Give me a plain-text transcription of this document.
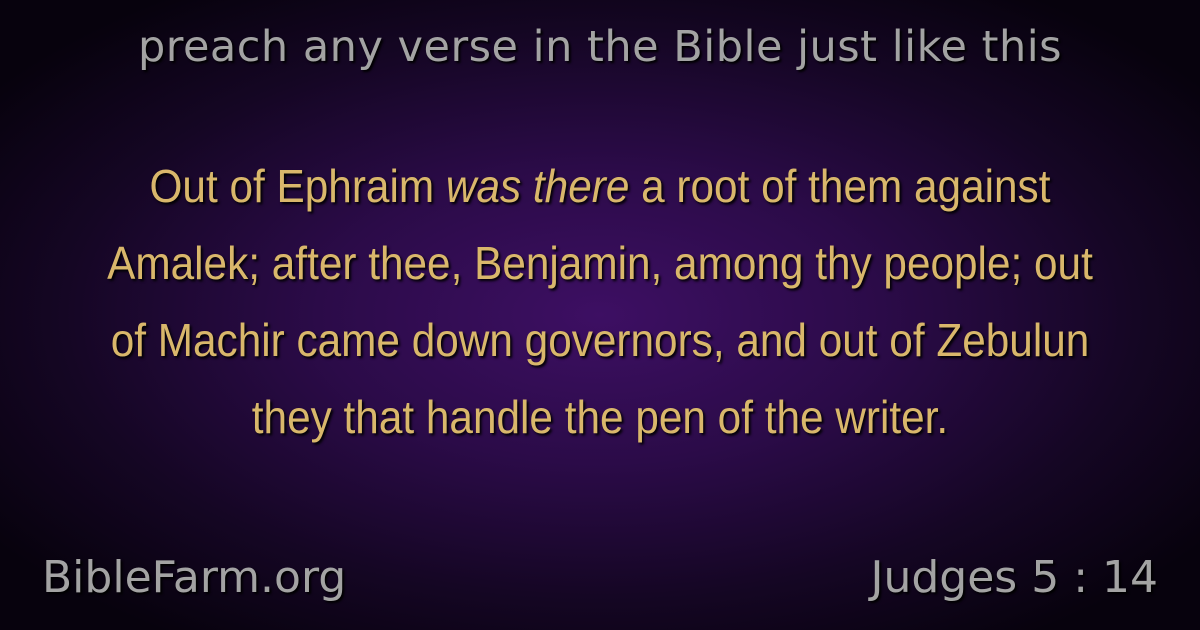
preach any verse in the Bible just like this
Out of Ephraim was there a root of them against Amalek; after thee, Benjamin, among thy people; out of Machir came down governors, and out of Zebulun they that handle the pen of the writer.
BibleFarm.org	Judges 5 : 14
